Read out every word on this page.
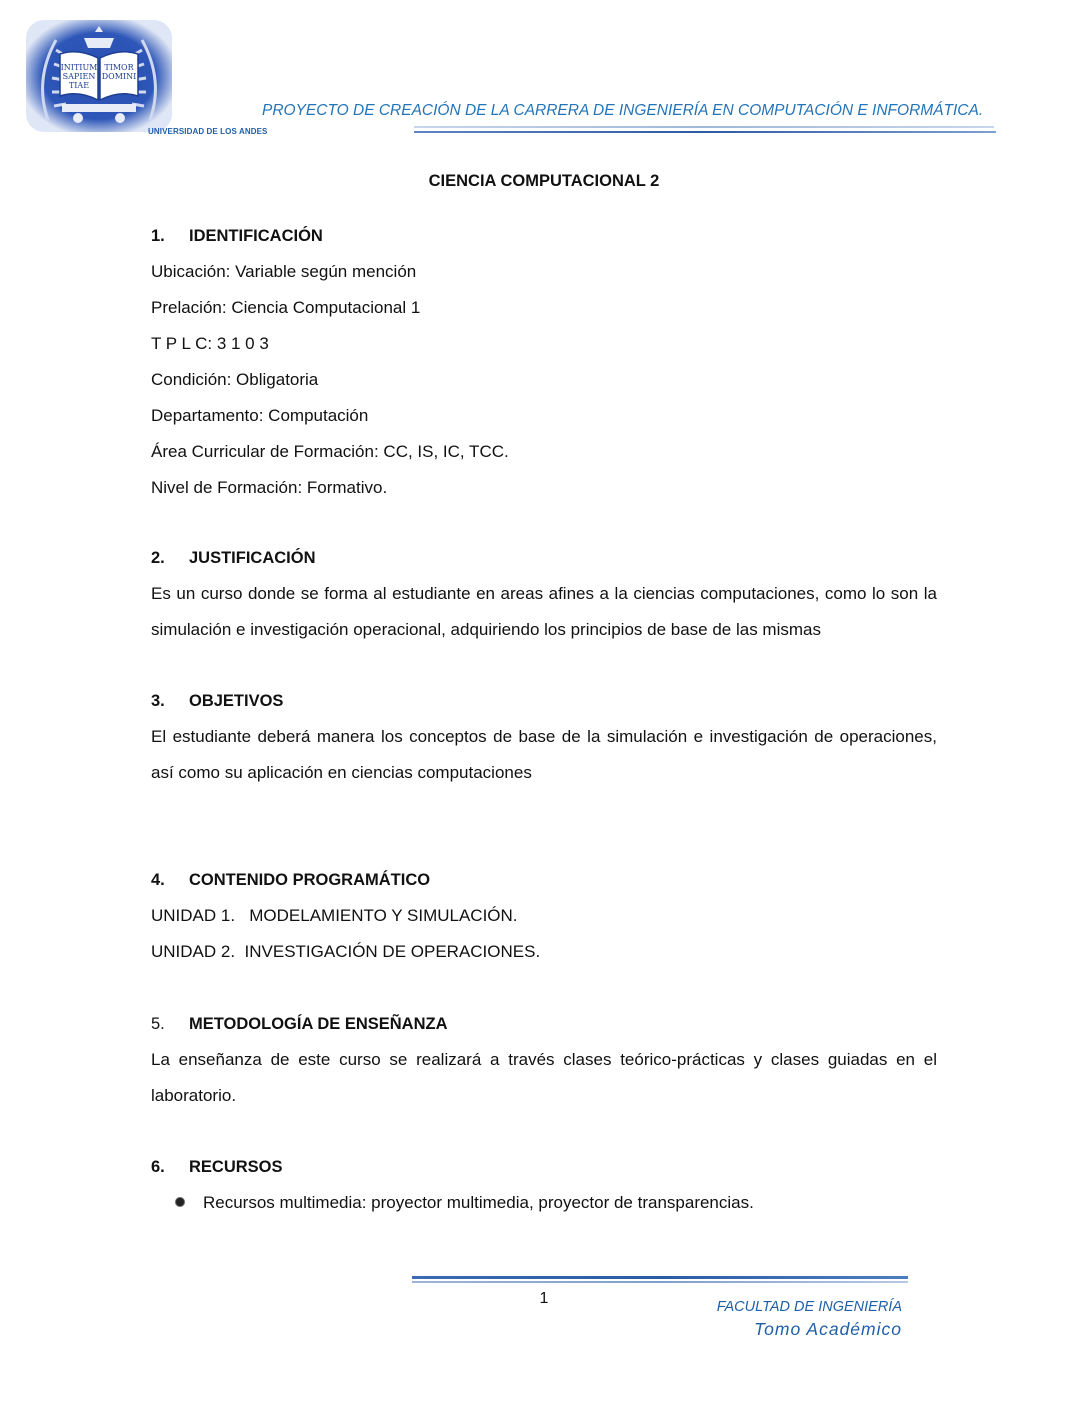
INITIUM
SAPIEN
TIAE
TIMOR
DOMINI
UNIVERSIDAD DE LOS ANDES
PROYECTO DE CREACIÓN DE LA CARRERA DE INGENIERÍA EN COMPUTACIÓN E INFORMÁTICA.
CIENCIA COMPUTACIONAL 2
1. IDENTIFICACIÓN
Ubicación: Variable según mención
Prelación: Ciencia Computacional 1
T P L C: 3 1 0 3
Condición: Obligatoria
Departamento: Computación
Área Curricular de Formación: CC, IS, IC, TCC.
Nivel de Formación: Formativo.
2. JUSTIFICACIÓN
Es un curso donde se forma al estudiante en areas afines a la ciencias computaciones, como lo son la simulación e investigación operacional, adquiriendo los principios de base de las mismas
3. OBJETIVOS
El estudiante deberá manera los conceptos de base de la simulación e investigación de operaciones, así como su aplicación en ciencias computaciones
4. CONTENIDO PROGRAMÁTICO
UNIDAD 1.   MODELAMIENTO Y SIMULACIÓN.
UNIDAD 2.  INVESTIGACIÓN DE OPERACIONES.
5. METODOLOGÍA DE ENSEÑANZA
La enseñanza de este curso se realizará a través clases teórico-prácticas y clases guiadas en el laboratorio.
6. RECURSOS
Recursos multimedia: proyector multimedia, proyector de transparencias.
1	FACULTAD DE INGENIERÍA
Tomo Académico
